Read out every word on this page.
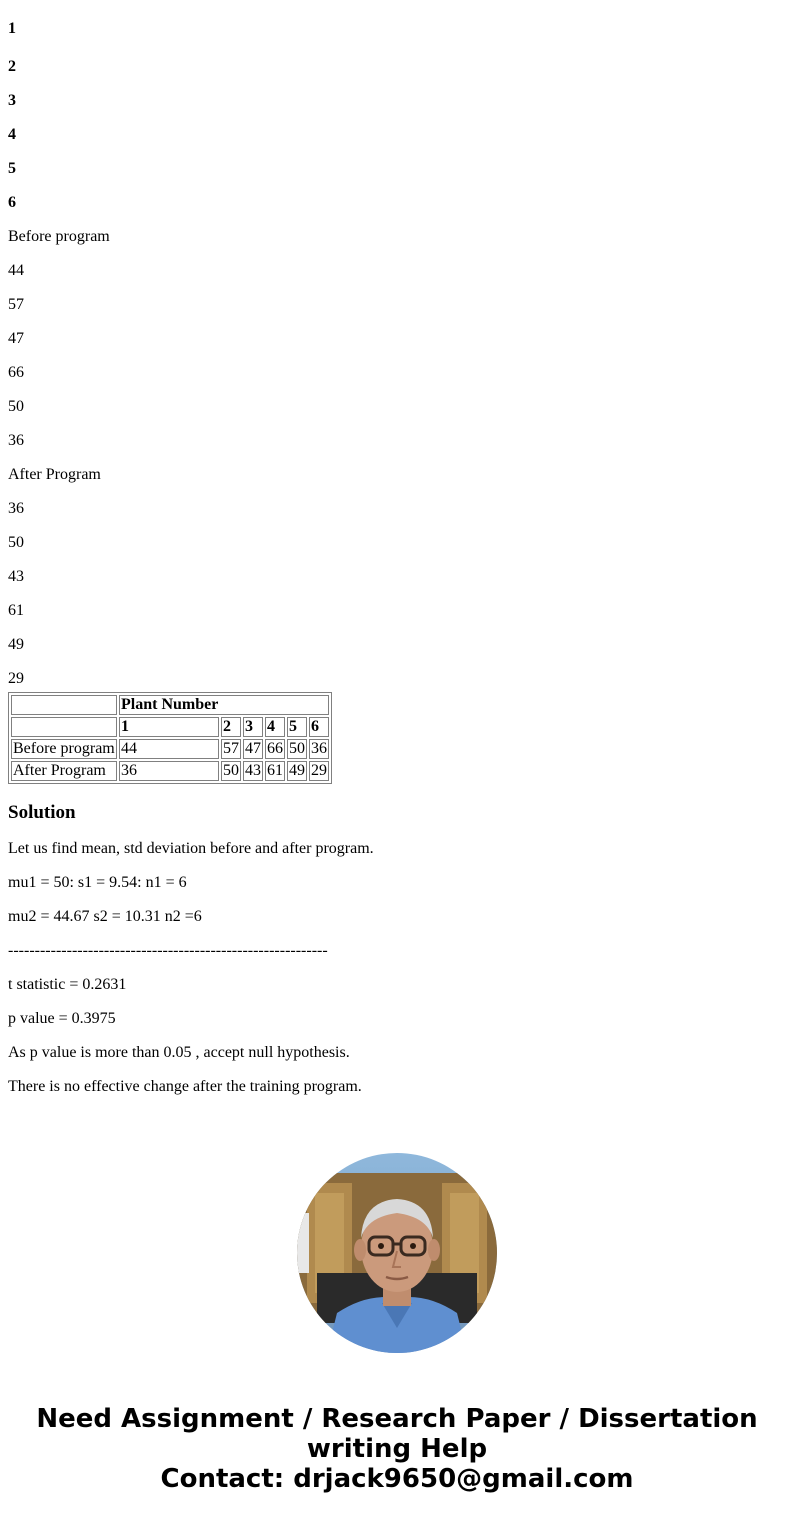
1

2

3

4

5

6

Before program

44

57

47

66

50

36

After Program

36

50

43

61

49

29

	Plant Number					
	1	2	3	4	5	6
Before program	44	57	47	66	50	36
After Program	36	50	43	61	49	29
Solution

Let us find mean, std deviation before and after program.

mu1 = 50: s1 = 9.54: n1 = 6

mu2 = 44.67 s2 = 10.31 n2 =6

------------------------------------------------------------

t statistic = 0.2631

p value = 0.3975

As p value is more than 0.05 , accept null hypothesis.

There is no effective change after the training program.

Need Assignment / Research Paper / Dissertation
writing Help
Contact: drjack9650@gmail.com
